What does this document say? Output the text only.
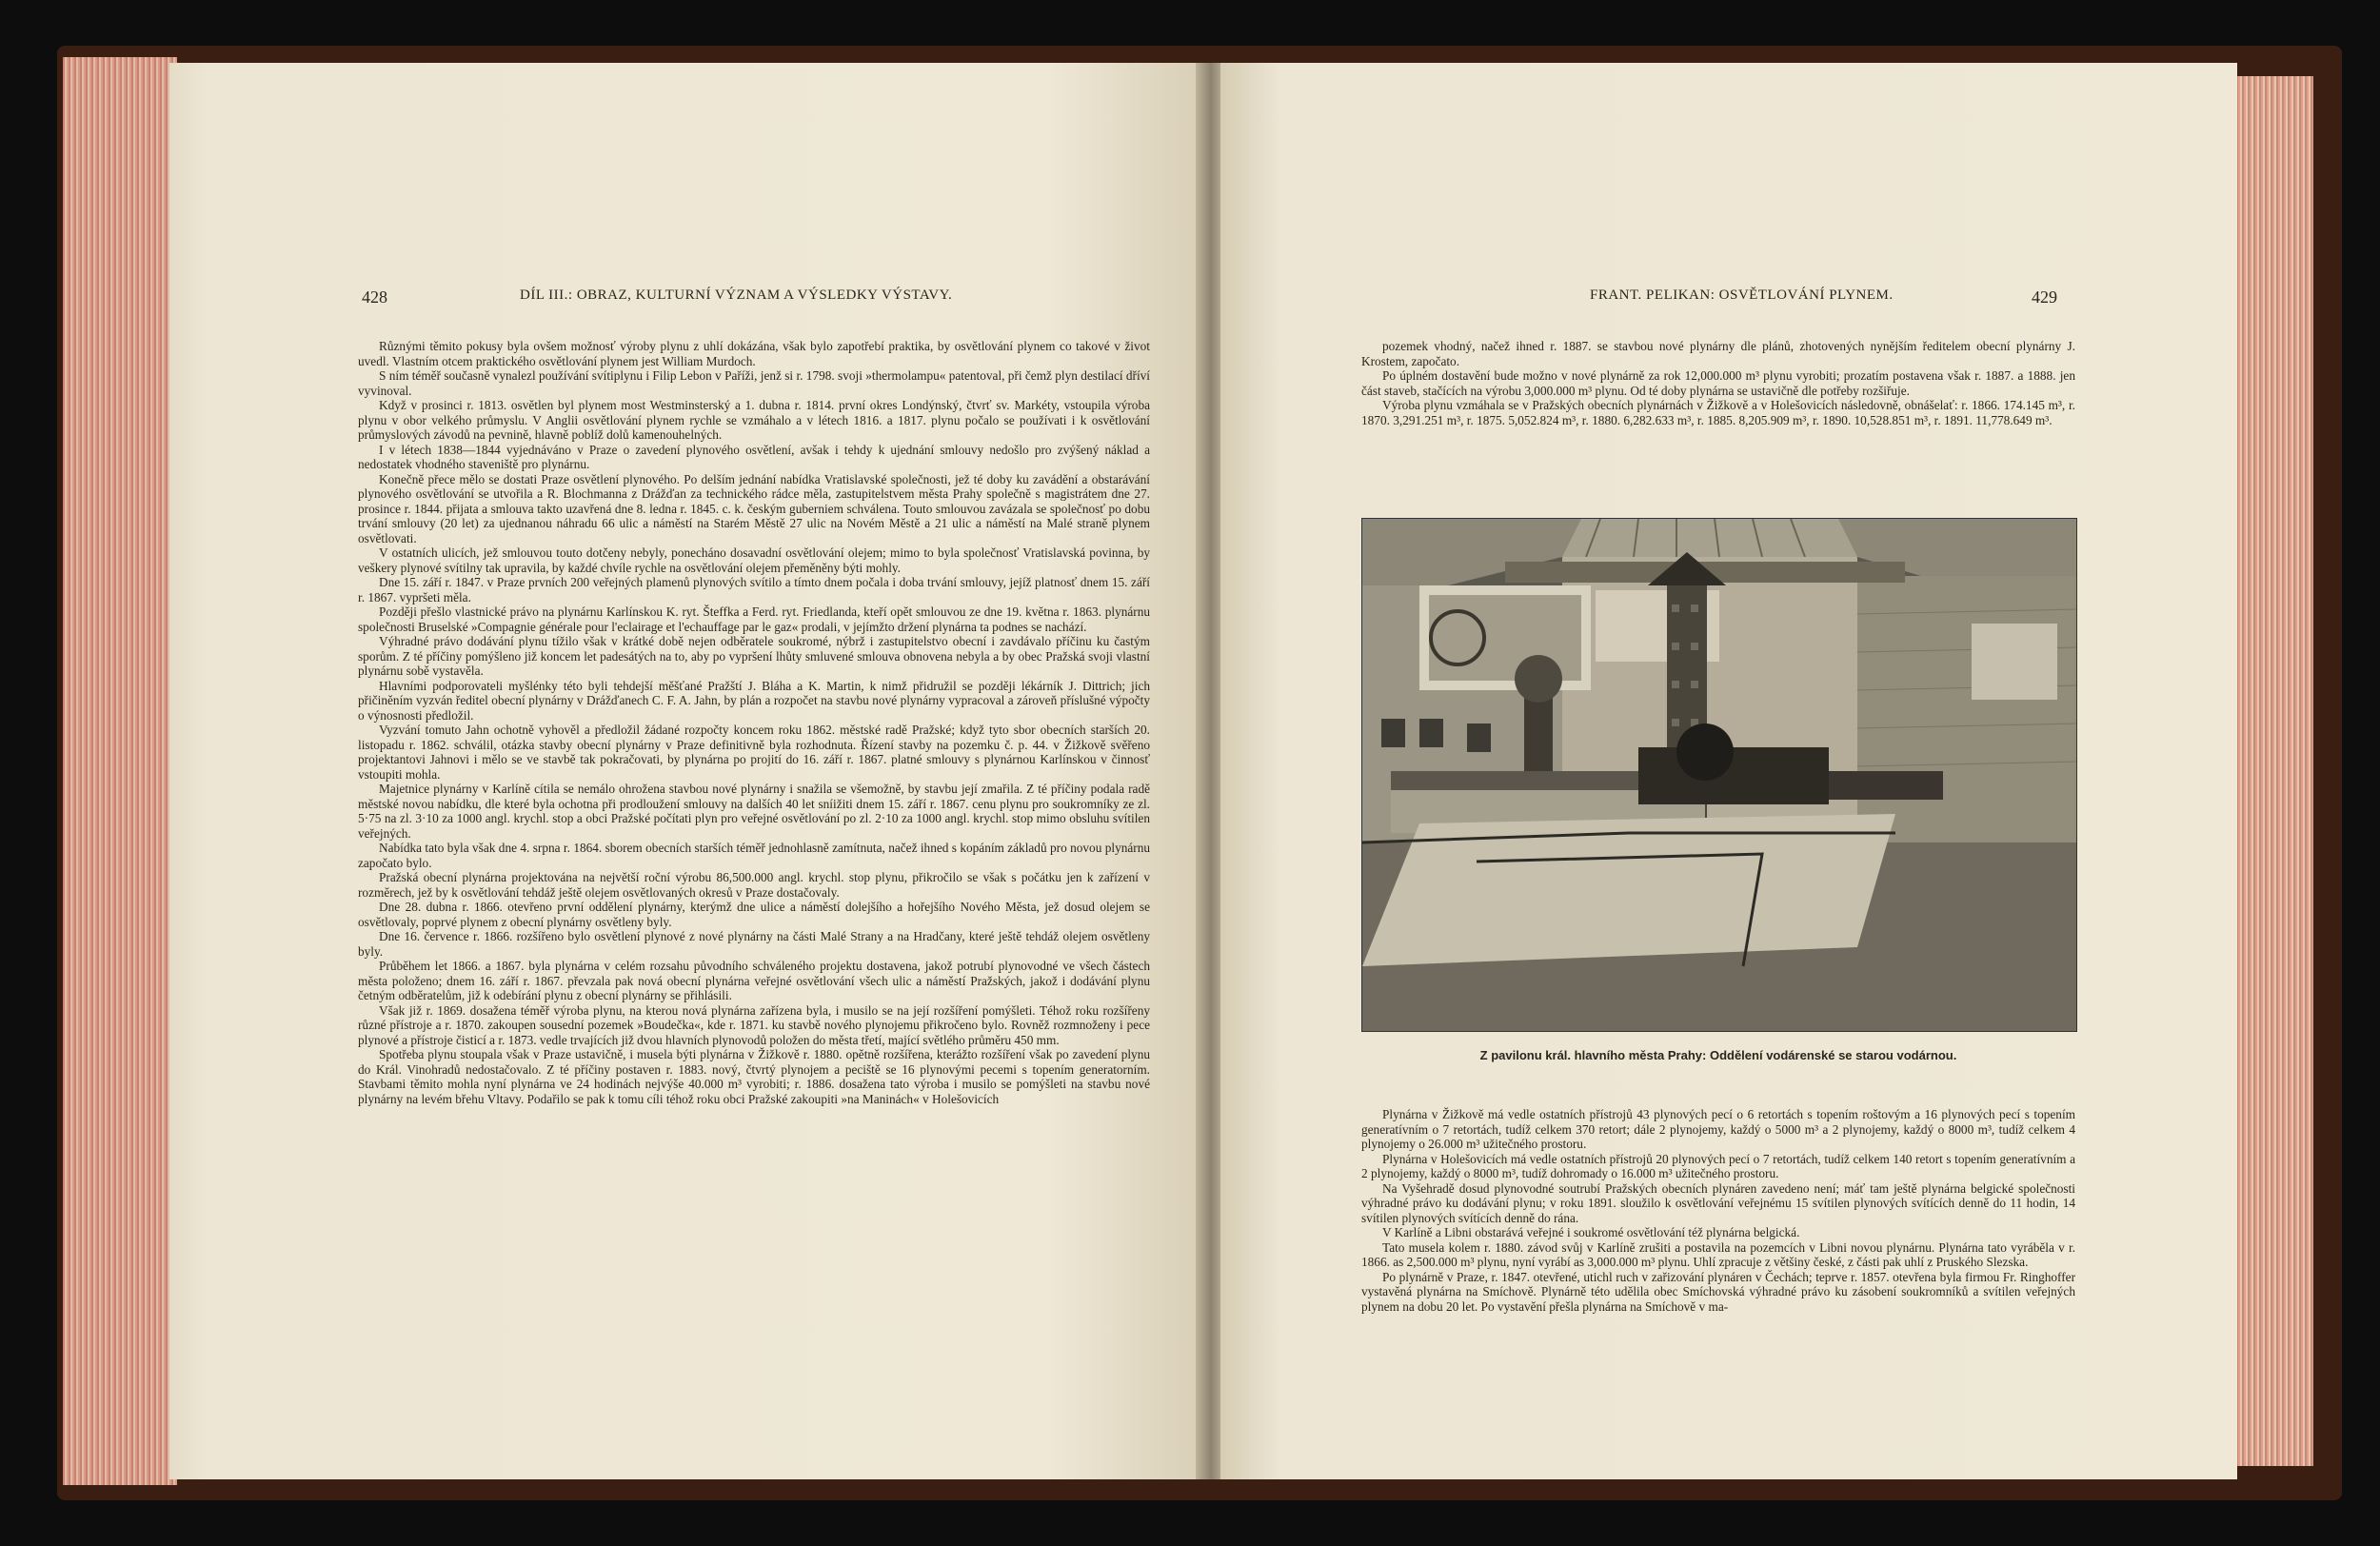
428	DÍL III.: OBRAZ, KULTURNÍ VÝZNAM A VÝSLEDKY VÝSTAVY.

Různými těmito pokusy byla ovšem možnosť výroby plynu z uhlí dokázána, však bylo zapotřebí praktika, by osvětlování plynem co takové v život uvedl. Vlastním otcem praktického osvětlování plynem jest William Murdoch.

S ním téměř současně vynalezl používání svítiplynu i Filip Lebon v Paříži, jenž si r. 1798. svoji »thermolampu« patentoval, při čemž plyn destilací dříví vyvinoval.

Když v prosinci r. 1813. osvětlen byl plynem most Westminsterský a 1. dubna r. 1814. první okres Londýnský, čtvrť sv. Markéty, vstoupila výroba plynu v obor velkého průmyslu. V Anglii osvětlování plynem rychle se vzmáhalo a v létech 1816. a 1817. plynu počalo se používati i k osvětlování průmyslových závodů na pevnině, hlavně poblíž dolů kamenouhelných.

I v létech 1838—1844 vyjednáváno v Praze o zavedení plynového osvětlení, avšak i tehdy k ujednání smlouvy nedošlo pro zvýšený náklad a nedostatek vhodného staveniště pro plynárnu.

Konečně přece mělo se dostati Praze osvětlení plynového. Po delším jednání nabídka Vratislavské společnosti, jež té doby ku zavádění a obstarávání plynového osvětlování se utvořila a R. Blochmanna z Drážďan za technického rádce měla, zastupitelstvem města Prahy společně s magistrátem dne 27. prosince r. 1844. přijata a smlouva takto uzavřená dne 8. ledna r. 1845. c. k. českým guberniem schválena. Touto smlouvou zavázala se společnosť po dobu trvání smlouvy (20 let) za ujednanou náhradu 66 ulic a náměstí na Starém Městě 27 ulic na Novém Městě a 21 ulic a náměstí na Malé straně plynem osvětlovati.

V ostatních ulicích, jež smlouvou touto dotčeny nebyly, ponecháno dosavadní osvětlování olejem; mimo to byla společnosť Vratislavská povinna, by veškery plynové svítilny tak upravila, by každé chvíle rychle na osvětlování olejem přeměněny býti mohly.

Dne 15. září r. 1847. v Praze prvních 200 veřejných plamenů plynových svítilo a tímto dnem počala i doba trvání smlouvy, jejíž platnosť dnem 15. září r. 1867. vypršeti měla.

Později přešlo vlastnické právo na plynárnu Karlínskou K. ryt. Šteffka a Ferd. ryt. Friedlanda, kteří opět smlouvou ze dne 19. května r. 1863. plynárnu společnosti Bruselské »Compagnie générale pour l'eclairage et l'echauffage par le gaz« prodali, v jejímžto držení plynárna ta podnes se nachází.

Výhradné právo dodávání plynu tížilo však v krátké době nejen odběratele soukromé, nýbrž i zastupitelstvo obecní i zavdávalo příčinu ku častým sporům. Z té příčiny pomýšleno již koncem let padesátých na to, aby po vypršení lhůty smluvené smlouva obnovena nebyla a by obec Pražská svoji vlastní plynárnu sobě vystavěla.

Hlavními podporovateli myšlénky této byli tehdejší měšťané Pražští J. Bláha a K. Martin, k nimž přidružil se později lékárník J. Dittrich; jich přičiněním vyzván ředitel obecní plynárny v Drážďanech C. F. A. Jahn, by plán a rozpočet na stavbu nové plynárny vypracoval a zároveň příslušné výpočty o výnosnosti předložil.

Vyzvání tomuto Jahn ochotně vyhověl a předložil žádané rozpočty koncem roku 1862. městské radě Pražské; když tyto sbor obecních starších 20. listopadu r. 1862. schválil, otázka stavby obecní plynárny v Praze definitivně byla rozhodnuta. Řízení stavby na pozemku č. p. 44. v Žižkově svěřeno projektantovi Jahnovi i mělo se ve stavbě tak pokračovati, by plynárna po projití do 16. září r. 1867. platné smlouvy s plynárnou Karlínskou v činnosť vstoupiti mohla.

Majetnice plynárny v Karlíně cítila se nemálo ohrožena stavbou nové plynárny i snažila se všemožně, by stavbu její zmařila. Z té příčiny podala radě městské novou nabídku, dle které byla ochotna při prodloužení smlouvy na dalších 40 let sníižiti dnem 15. září r. 1867. cenu plynu pro soukromníky ze zl. 5·75 na zl. 3·10 za 1000 angl. krychl. stop a obci Pražské počítati plyn pro veřejné osvětlování po zl. 2·10 za 1000 angl. krychl. stop mimo obsluhu svítilen veřejných.

Nabídka tato byla však dne 4. srpna r. 1864. sborem obecních starších téměř jednohlasně zamítnuta, načež ihned s kopáním základů pro novou plynárnu započato bylo.

Pražská obecní plynárna projektována na největší roční výrobu 86,500.000 angl. krychl. stop plynu, přikročilo se však s počátku jen k zařízení v rozměrech, jež by k osvětlování tehdáž ještě olejem osvětlovaných okresů v Praze dostačovaly.

Dne 28. dubna r. 1866. otevřeno první oddělení plynárny, kterýmž dne ulice a náměstí dolejšího a hořejšího Nového Města, jež dosud olejem se osvětlovaly, poprvé plynem z obecní plynárny osvětleny byly.

Dne 16. července r. 1866. rozšířeno bylo osvětlení plynové z nové plynárny na části Malé Strany a na Hradčany, které ještě tehdáž olejem osvětleny byly.

Průběhem let 1866. a 1867. byla plynárna v celém rozsahu původního schváleného projektu dostavena, jakož potrubí plynovodné ve všech částech města položeno; dnem 16. září r. 1867. převzala pak nová obecní plynárna veřejné osvětlování všech ulic a náměstí Pražských, jakož i dodávání plynu četným odběratelům, již k odebírání plynu z obecní plynárny se přihlásili.

Však již r. 1869. dosažena téměř výroba plynu, na kterou nová plynárna zařízena byla, i musilo se na její rozšíření pomýšleti. Téhož roku rozšířeny různé přístroje a r. 1870. zakoupen sousední pozemek »Boudečka«, kde r. 1871. ku stavbě nového plynojemu přikročeno bylo. Rovněž rozmnoženy i pece plynové a přístroje čisticí a r. 1873. vedle trvajících již dvou hlavních plynovodů položen do města třetí, mající světlého průměru 450 mm.

Spotřeba plynu stoupala však v Praze ustavičně, i musela býti plynárna v Žižkově r. 1880. opětně rozšířena, kterážto rozšíření však po zavedení plynu do Král. Vinohradů nedostačovalo. Z té příčiny postaven r. 1883. nový, čtvrtý plynojem a peciště se 16 plynovými pecemi s topením generatorním. Stavbami těmito mohla nyní plynárna ve 24 hodinách nejvýše 40.000 m³ vyrobiti; r. 1886. dosažena tato výroba i musilo se pomýšleti na stavbu nové plynárny na levém břehu Vltavy. Podařilo se pak k tomu cíli téhož roku obci Pražské zakoupiti »na Maninách« v Holešovicích

FRANT. PELIKAN: OSVĚTLOVÁNÍ PLYNEM.	429

pozemek vhodný, načež ihned r. 1887. se stavbou nové plynárny dle plánů, zhotovených nynějším ředitelem obecní plynárny J. Krostem, započato.

Po úplném dostavění bude možno v nové plynárně za rok 12,000.000 m³ plynu vyrobiti; prozatím postavena však r. 1887. a 1888. jen část staveb, stačících na výrobu 3,000.000 m³ plynu. Od té doby plynárna se ustavičně dle potřeby rozšiřuje.

Výroba plynu vzmáhala se v Pražských obecních plynárnách v Žižkově a v Holešovicích následovně, obnášelať: r. 1866. 174.145 m³, r. 1870. 3,291.251 m³, r. 1875. 5,052.824 m³, r. 1880. 6,282.633 m³, r. 1885. 8,205.909 m³, r. 1890. 10,528.851 m³, r. 1891. 11,778.649 m³.

Z pavilonu král. hlavního města Prahy: Oddělení vodárenské se starou vodárnou.

Plynárna v Žižkově má vedle ostatních přístrojů 43 plynových pecí o 6 retortách s topením roštovým a 16 plynových pecí s topením generatívním o 7 retortách, tudíž celkem 370 retort; dále 2 plynojemy, každý o 5000 m³ a 2 plynojemy, každý o 8000 m³, tudíž celkem 4 plynojemy o 26.000 m³ užitečného prostoru.

Plynárna v Holešovicích má vedle ostatních přístrojů 20 plynových pecí o 7 retortách, tudíž celkem 140 retort s topením generatívním a 2 plynojemy, každý o 8000 m³, tudíž dohromady o 16.000 m³ užitečného prostoru.

Na Vyšehradě dosud plynovodné soutrubí Pražských obecních plynáren zavedeno není; máť tam ještě plynárna belgické společnosti výhradné právo ku dodávání plynu; v roku 1891. sloužilo k osvětlování veřejnému 15 svítilen plynových svítících denně do 11 hodin, 14 svítilen plynových svítících denně do rána.

V Karlíně a Libni obstarává veřejné i soukromé osvětlování též plynárna belgická.

Tato musela kolem r. 1880. závod svůj v Karlíně zrušiti a postavila na pozemcích v Libni novou plynárnu. Plynárna tato vyráběla v r. 1866. as 2,500.000 m³ plynu, nyní vyrábí as 3,000.000 m³ plynu. Uhlí zpracuje z většiny české, z části pak uhlí z Pruského Slezska.

Po plynárně v Praze, r. 1847. otevřené, utichl ruch v zařizování plynáren v Čechách; teprve r. 1857. otevřena byla firmou Fr. Ringhoffer vystavěná plynárna na Smíchově. Plynárně této udělila obec Smíchovská výhradné právo ku zásobení soukromníků a svítilen veřejných plynem na dobu 20 let. Po vystavění přešla plynárna na Smíchově v ma-
